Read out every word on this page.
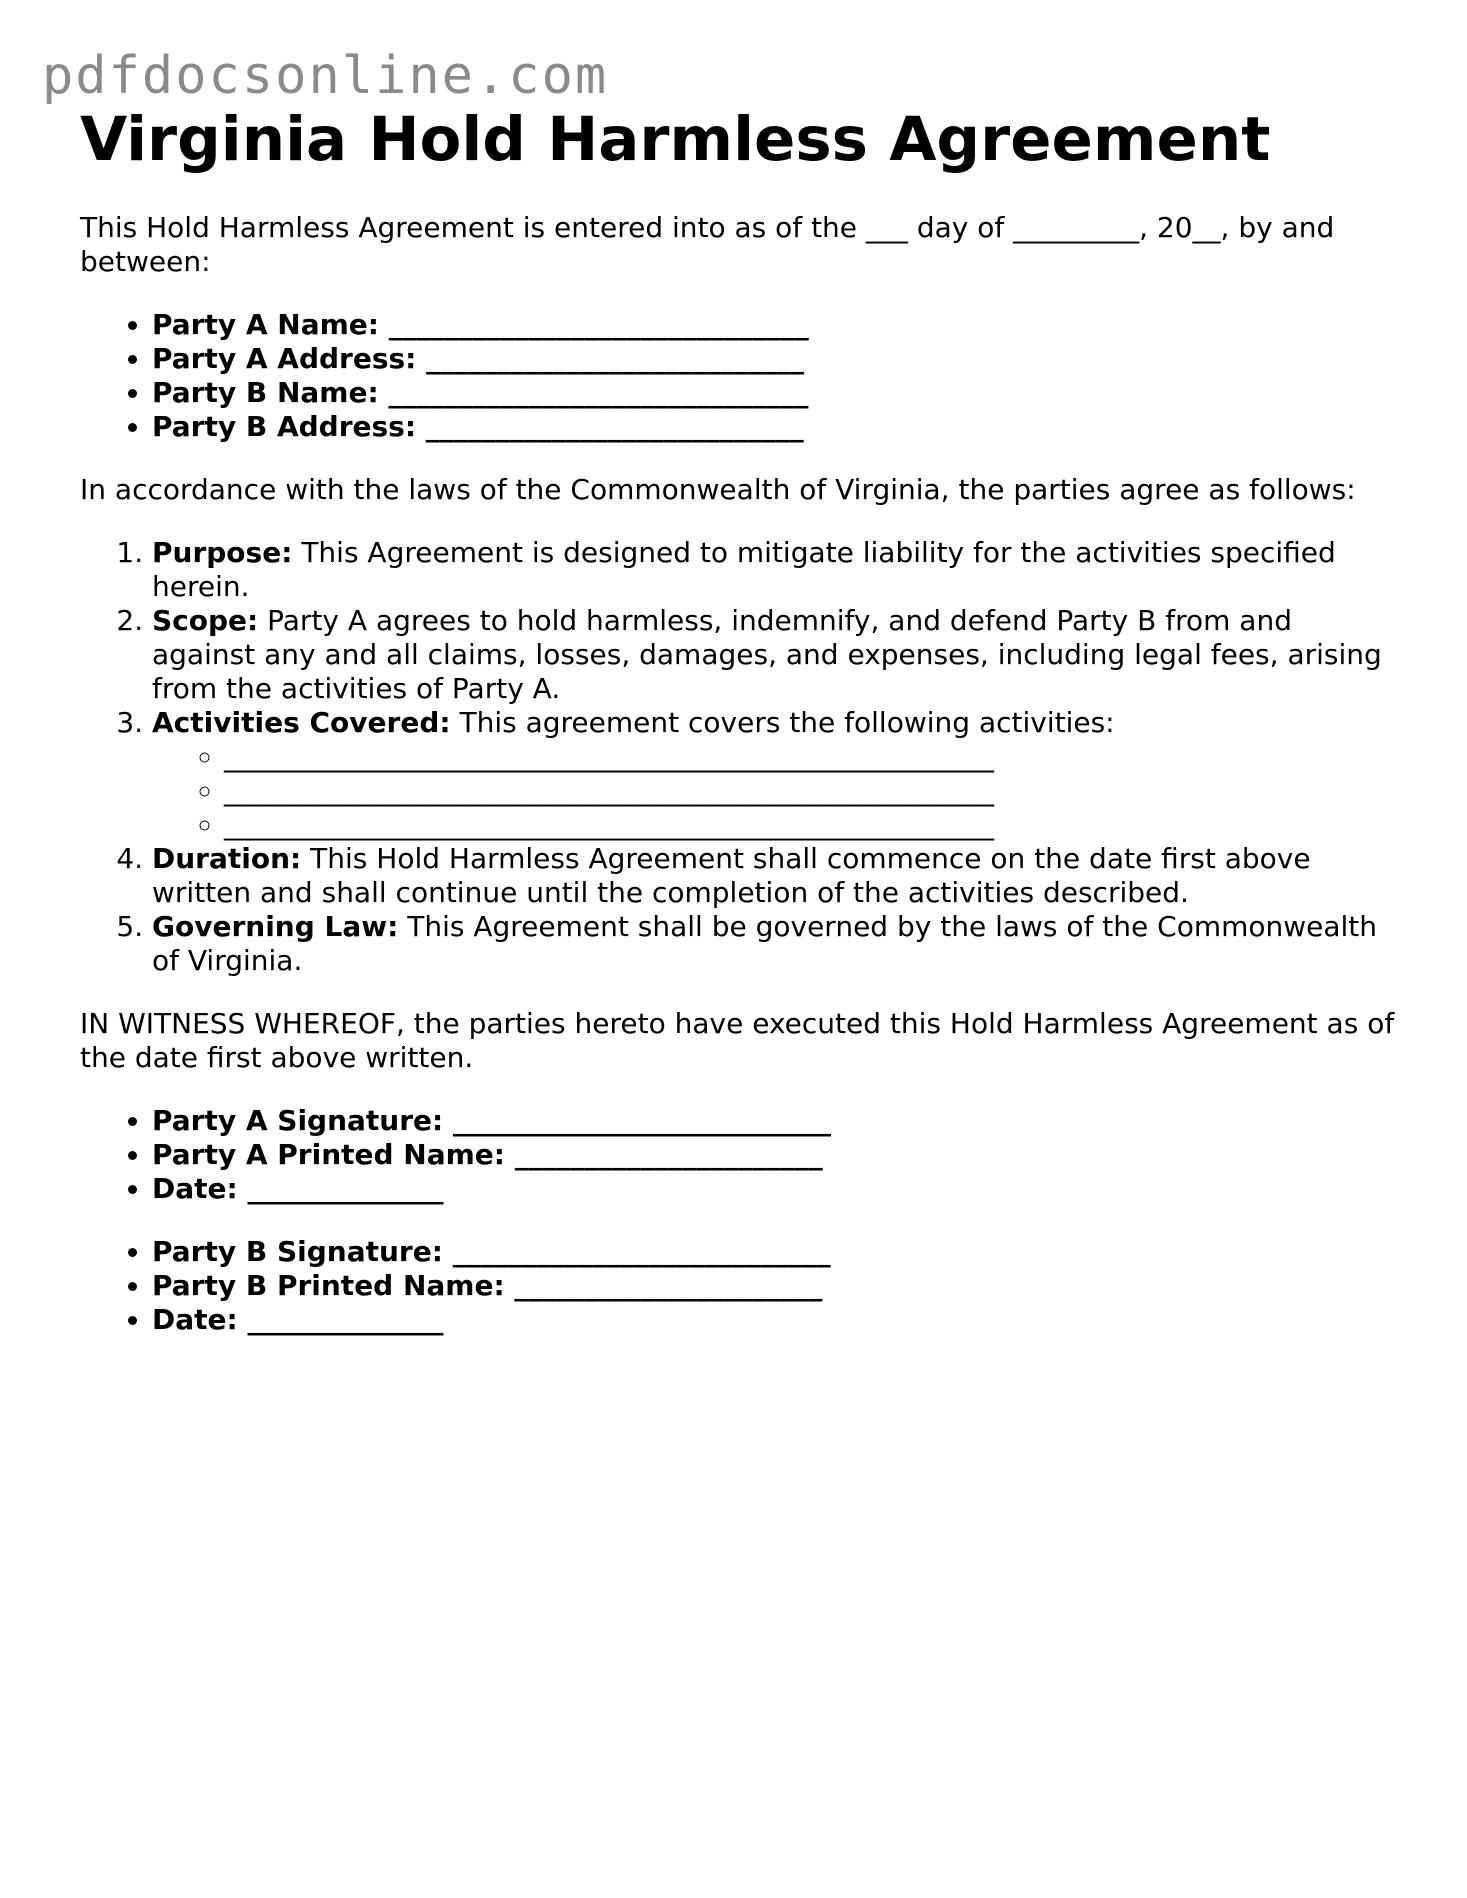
pdfdocsonline.com
Virginia Hold Harmless Agreement

This Hold Harmless Agreement is entered into as of the ___ day of _________, 20__, by and between:

• Party A Name: ______________________________
• Party A Address: ___________________________
• Party B Name: ______________________________
• Party B Address: ___________________________

In accordance with the laws of the Commonwealth of Virginia, the parties agree as follows:

1. Purpose: This Agreement is designed to mitigate liability for the activities specified herein.
2. Scope: Party A agrees to hold harmless, indemnify, and defend Party B from and against any and all claims, losses, damages, and expenses, including legal fees, arising from the activities of Party A.
3. Activities Covered: This agreement covers the following activities:
◦ _______________________________________________________
◦ _______________________________________________________
◦ _______________________________________________________
4. Duration: This Hold Harmless Agreement shall commence on the date first above written and shall continue until the completion of the activities described.
5. Governing Law: This Agreement shall be governed by the laws of the Commonwealth of Virginia.

IN WITNESS WHEREOF, the parties hereto have executed this Hold Harmless Agreement as of the date first above written.

• Party A Signature: ___________________________
• Party A Printed Name: ______________________
• Date: ______________
• Party B Signature: ___________________________
• Party B Printed Name: ______________________
• Date: ______________
